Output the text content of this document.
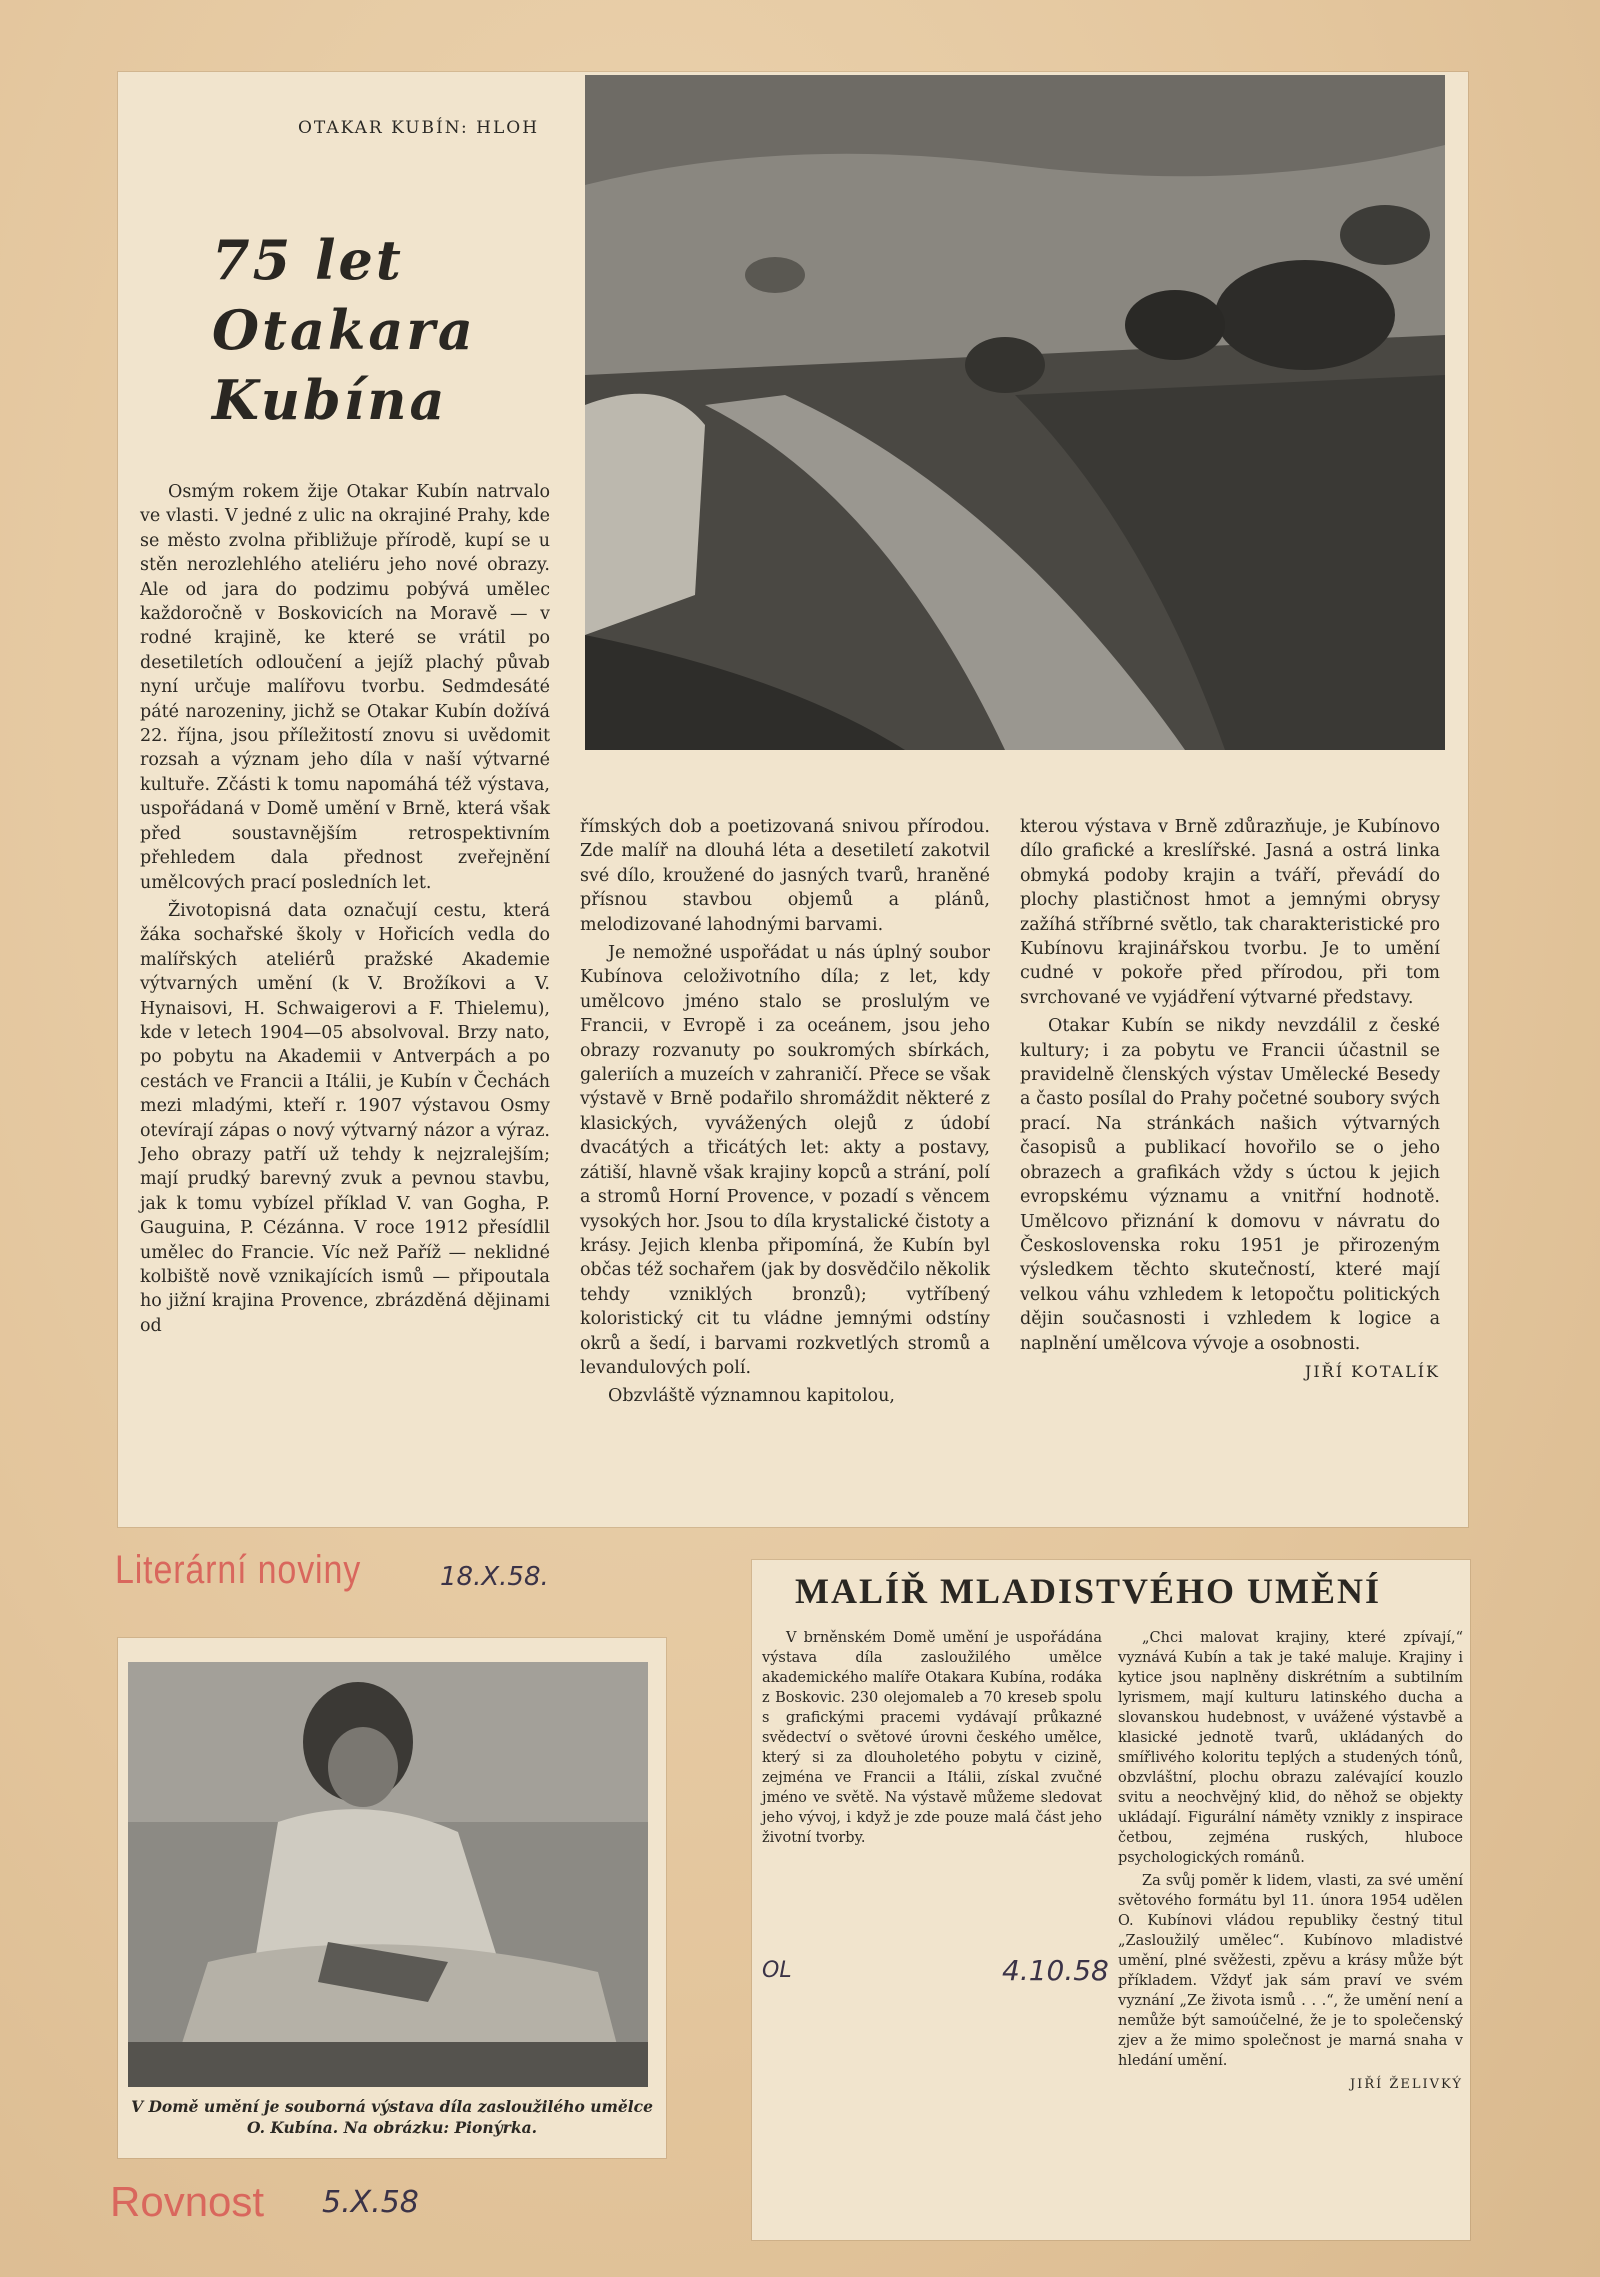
OTAKAR KUBÍN: HLOH
75 let
Otakara
Kubína

Osmým rokem žije Otakar Kubín natrvalo ve vlasti. V jedné z ulic na okrajiné Prahy, kde se město zvolna přibližuje přírodě, kupí se u stěn nerozlehlého ateliéru jeho nové obrazy. Ale od jara do podzimu pobývá umělec každoročně v Boskovicích na Moravě — v rodné krajině, ke které se vrátil po desetiletích odloučení a jejíž plachý půvab nyní určuje malířovu tvorbu. Sedmdesáté páté narozeniny, jichž se Otakar Kubín dožívá 22. října, jsou příležitostí znovu si uvědomit rozsah a význam jeho díla v naší výtvarné kultuře. Zčásti k tomu napomáhá též výstava, uspořádaná v Domě umění v Brně, která však před soustavnějším retrospektivním přehledem dala přednost zveřejnění umělcových prací posledních let.

Životopisná data označují cestu, která žáka sochařské školy v Hořicích vedla do malířských ateliérů pražské Akademie výtvarných umění (k V. Brožíkovi a V. Hynaisovi, H. Schwaigerovi a F. Thielemu), kde v letech 1904—05 absolvoval. Brzy nato, po pobytu na Akademii v Antverpách a po cestách ve Francii a Itálii, je Kubín v Čechách mezi mladými, kteří r. 1907 výstavou Osmy otevírají zápas o nový výtvarný názor a výraz. Jeho obrazy patří už tehdy k nejzralejším; mají prudký barevný zvuk a pevnou stavbu, jak k tomu vybízel příklad V. van Gogha, P. Gauguina, P. Cézánna. V roce 1912 přesídlil umělec do Francie. Víc než Paříž — neklidné kolbiště nově vznikajících ismů — připoutala ho jižní krajina Provence, zbrázděná dějinami od

římských dob a poetizovaná snivou přírodou. Zde malíř na dlouhá léta a desetiletí zakotvil své dílo, kroužené do jasných tvarů, hraněné přísnou stavbou objemů a plánů, melodizované lahodnými barvami.

Je nemožné uspořádat u nás úplný soubor Kubínova celoživotního díla; z let, kdy umělcovo jméno stalo se proslulým ve Francii, v Evropě i za oceánem, jsou jeho obrazy rozvanuty po soukromých sbírkách, galeriích a muzeích v zahraničí. Přece se však výstavě v Brně podařilo shromáždit některé z klasických, vyvážených olejů z údobí dvacátých a třicátých let: akty a postavy, zátiší, hlavně však krajiny kopců a strání, polí a stromů Horní Provence, v pozadí s věncem vysokých hor. Jsou to díla krystalické čistoty a krásy. Jejich klenba připomíná, že Kubín byl občas též sochařem (jak by dosvědčilo několik tehdy vzniklých bronzů); vytříbený koloristický cit tu vládne jemnými odstíny okrů a šedí, i barvami rozkvetlých stromů a levandulových polí.

Obzvláště významnou kapitolou,

kterou výstava v Brně zdůrazňuje, je Kubínovo dílo grafické a kreslířské. Jasná a ostrá linka obmyká podoby krajin a tváří, převádí do plochy plastičnost hmot a jemnými obrysy zažíhá stříbrné světlo, tak charakteristické pro Kubínovu krajinářskou tvorbu. Je to umění cudné v pokoře před přírodou, při tom svrchované ve vyjádření výtvarné představy.

Otakar Kubín se nikdy nevzdálil z české kultury; i za pobytu ve Francii účastnil se pravidelně členských výstav Umělecké Besedy a často posílal do Prahy početné soubory svých prací. Na stránkách našich výtvarných časopisů a publikací hovořilo se o jeho obrazech a grafikách vždy s úctou k jejich evropskému významu a vnitřní hodnotě. Umělcovo přiznání k domovu v návratu do Československa roku 1951 je přirozeným výsledkem těchto skutečností, které mají velkou váhu vzhledem k letopočtu politických dějin současnosti i vzhledem k logice a naplnění umělcova vývoje a osobnosti.

JIŘÍ KOTALÍK
Literární noviny	18.X.58.
V Domě umění je souborná výstava díla zasloužilého umělce O. Kubína. Na obrázku: Pionýrka.
Rovnost 5.X.58
MALÍŘ MLADISTVÉHO UMĚNÍ

V brněnském Domě umění je uspořádána výstava díla zasloužilého umělce akademického malíře Otakara Kubína, rodáka z Boskovic. 230 olejomaleb a 70 kreseb spolu s grafickými pracemi vydávají průkazné svědectví o světové úrovni českého umělce, který si za dlouholetého pobytu v cizině, zejména ve Francii a Itálii, získal zvučné jméno ve světě. Na výstavě můžeme sledovat jeho vývoj, i když je zde pouze malá část jeho životní tvorby.

OL	4.10.58

„Chci malovat krajiny, které zpívají,“ vyznává Kubín a tak je také maluje. Krajiny i kytice jsou naplněny diskrétním a subtilním lyrismem, mají kulturu latinského ducha a slovanskou hudebnost, v uvážené výstavbě a klasické jednotě tvarů, ukládaných do smířlivého koloritu teplých a studených tónů, obzvláštní, plochu obrazu zalévající kouzlo svitu a neochvějný klid, do něhož se objekty ukládají. Figurální náměty vznikly z inspirace četbou, zejména ruských, hluboce psychologických románů.

Za svůj poměr k lidem, vlasti, za své umění světového formátu byl 11. února 1954 udělen O. Kubínovi vládou republiky čestný titul „Zasloužilý umělec“. Kubínovo mladistvé umění, plné svěžesti, zpěvu a krásy může být příkladem. Vždyť jak sám praví ve svém vyznání „Ze života ismů . . .“, že umění není a nemůže být samoúčelné, že je to společenský zjev a že mimo společnost je marná snaha v hledání umění.

JIŘÍ ŽELIVKÝ
